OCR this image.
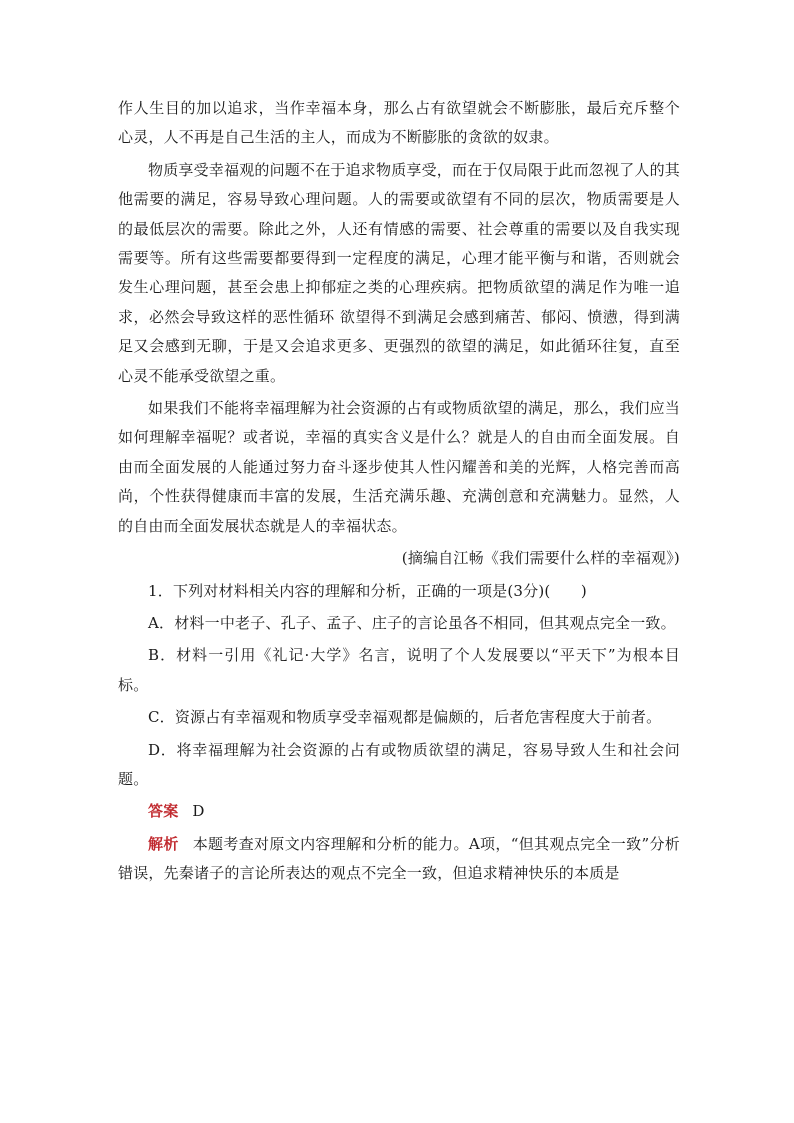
作人生目的加以追求，当作幸福本身，那么占有欲望就会不断膨胀，最后充斥整个心灵，人不再是自己生活的主人，而成为不断膨胀的贪欲的奴隶。

物质享受幸福观的问题不在于追求物质享受，而在于仅局限于此而忽视了人的其他需要的满足，容易导致心理问题。人的需要或欲望有不同的层次，物质需要是人的最低层次的需要。除此之外，人还有情感的需要、社会尊重的需要以及自我实现需要等。所有这些需要都要得到一定程度的满足，心理才能平衡与和谐，否则就会发生心理问题，甚至会患上抑郁症之类的心理疾病。把物质欲望的满足作为唯一追求，必然会导致这样的恶性循环 欲望得不到满足会感到痛苦、郁闷、愤懑，得到满足又会感到无聊，于是又会追求更多、更强烈的欲望的满足，如此循环往复，直至心灵不能承受欲望之重。

如果我们不能将幸福理解为社会资源的占有或物质欲望的满足，那么，我们应当如何理解幸福呢？或者说，幸福的真实含义是什么？就是人的自由而全面发展。自由而全面发展的人能通过努力奋斗逐步使其人性闪耀善和美的光辉，人格完善而高尚，个性获得健康而丰富的发展，生活充满乐趣、充满创意和充满魅力。显然，人的自由而全面发展状态就是人的幸福状态。

(摘编自江畅《我们需要什么样的幸福观》)

1．下列对材料相关内容的理解和分析，正确的一项是(3分)(　　)

A．材料一中老子、孔子、孟子、庄子的言论虽各不相同，但其观点完全一致。

B．材料一引用《礼记·大学》名言，说明了个人发展要以“平天下”为根本目标。

C．资源占有幸福观和物质享受幸福观都是偏颇的，后者危害程度大于前者。

D．将幸福理解为社会资源的占有或物质欲望的满足，容易导致人生和社会问题。

答案 D

解析 本题考查对原文内容理解和分析的能力。A项，“但其观点完全一致”分析错误，先秦诸子的言论所表达的观点不完全一致，但追求精神快乐的本质是
